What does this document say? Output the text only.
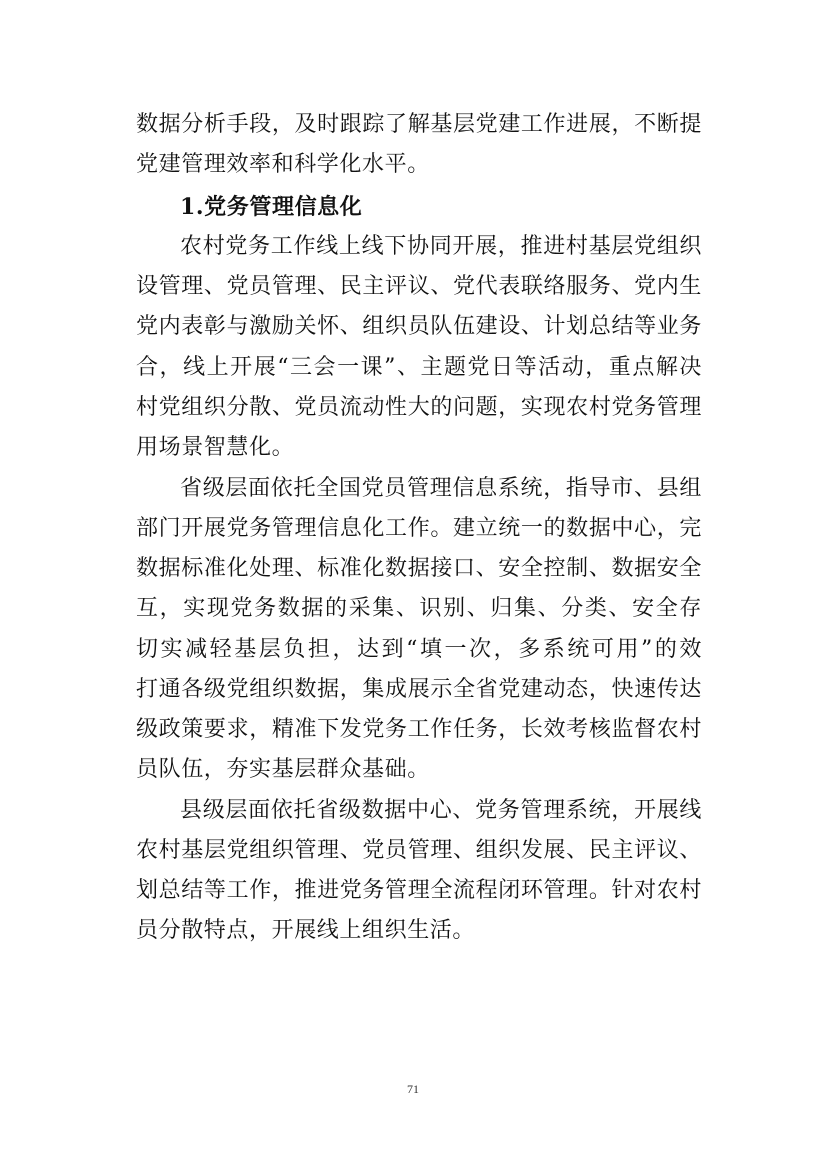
数据分析手段，及时跟踪了解基层党建工作进展，不断提
党建管理效率和科学化水平。
1.党务管理信息化
农村党务工作线上线下协同开展，推进村基层党组织
设管理、党员管理、民主评议、党代表联络服务、党内生
党内表彰与激励关怀、组织员队伍建设、计划总结等业务
合，线上开展“三会一课”、主题党日等活动，重点解决
村党组织分散、党员流动性大的问题，实现农村党务管理
用场景智慧化。
省级层面依托全国党员管理信息系统，指导市、县组
部门开展党务管理信息化工作。建立统一的数据中心，完
数据标准化处理、标准化数据接口、安全控制、数据安全
互，实现党务数据的采集、识别、归集、分类、安全存
切实减轻基层负担，达到“填一次，多系统可用”的效
打通各级党组织数据，集成展示全省党建动态，快速传达
级政策要求，精准下发党务工作任务，长效考核监督农村
员队伍，夯实基层群众基础。
县级层面依托省级数据中心、党务管理系统，开展线
农村基层党组织管理、党员管理、组织发展、民主评议、
划总结等工作，推进党务管理全流程闭环管理。针对农村
员分散特点，开展线上组织生活。
71
